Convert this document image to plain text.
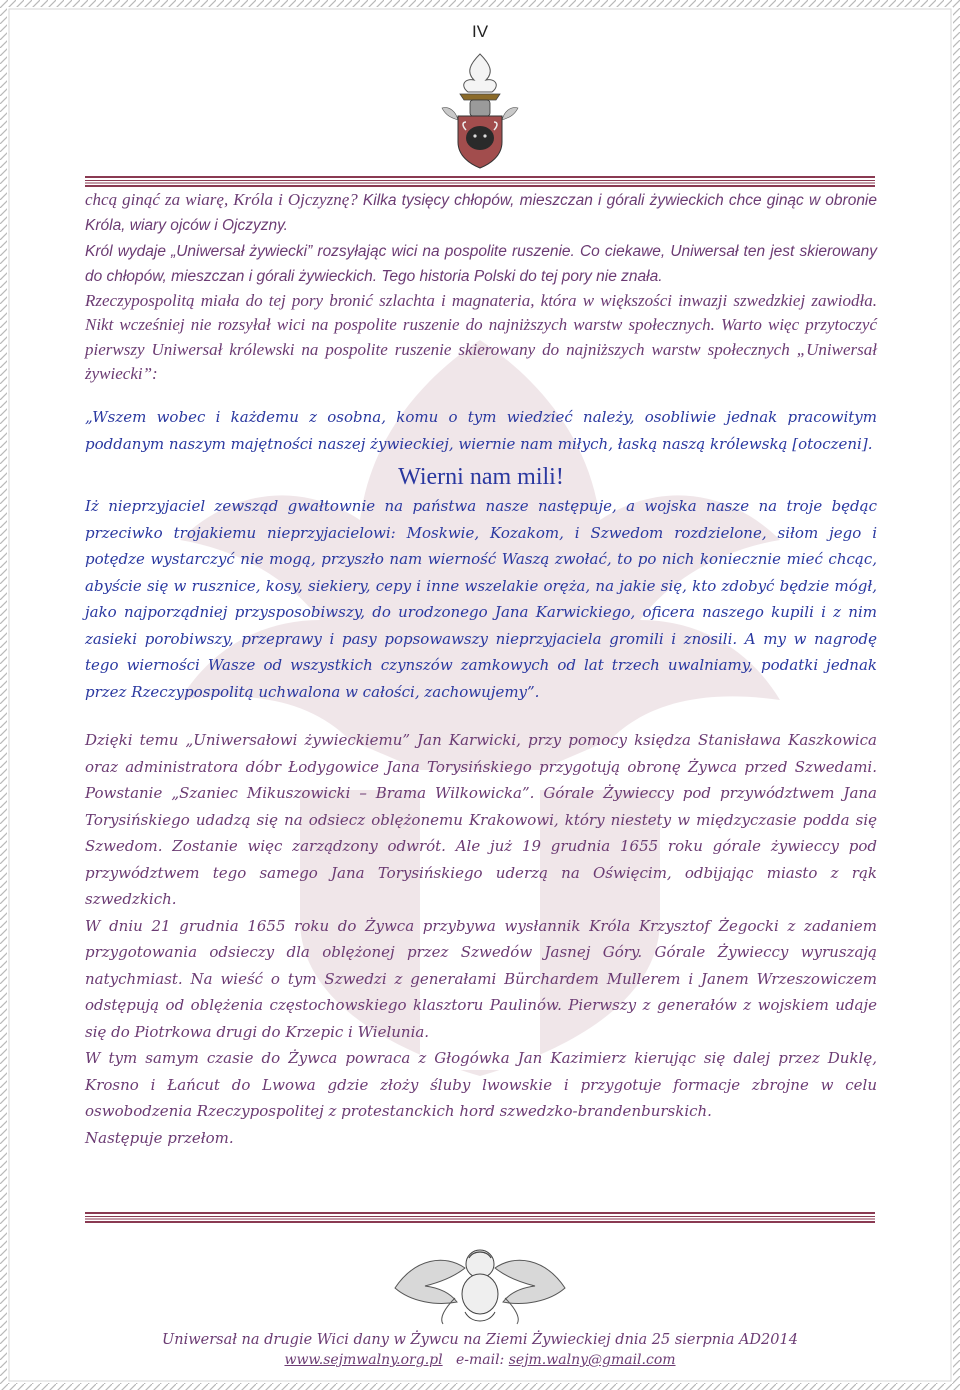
IV

chcą ginąć za wiarę, Króla i Ojczyznę? Kilka tysięcy chłopów, mieszczan i górali żywieckich chce ginąc w obronie Króla, wiary ojców i Ojczyzny.

Król wydaje „Uniwersał żywiecki” rozsyłając wici na pospolite ruszenie. Co ciekawe, Uniwersał ten jest skierowany do chłopów, mieszczan i górali żywieckich. Tego historia Polski do tej pory nie znała.

Rzeczypospolitą miała do tej pory bronić szlachta i magnateria, która w większości inwazji szwedzkiej zawiodła. Nikt wcześniej nie rozsyłał wici na pospolite ruszenie do najniższych warstw społecznych. Warto więc przytoczyć pierwszy Uniwersał królewski na pospolite ruszenie skierowany do najniższych warstw społecznych „Uniwersał żywiecki”:

„Wszem wobec i każdemu z osobna, komu o tym wiedzieć należy, osoblіwie jednak pracowitym poddanym naszym majętności naszej żywieckiej, wiernie nam miłych, łaską naszą królewską [otoczeni].

Wierni nam mili!

Iż nieprzyjaciel zewsząd gwałtownie na państwa nasze następuje, a wojska nasze na troje będąc przeciwko trojakiemu nieprzyjacielowi: Moskwie, Kozakom, i Szwedom rozdzielone, siłom jego i potędze wystarczyć nie mogą, przyszło nam wierność Waszą zwołać, to po nich koniecznie mieć chcąc, abyście się w rusznice, kosy, siekiery, cepy i inne wszelakie oręża, na jakie się, kto zdobyć będzie mógł, jako najporządniej przysposobiwszy, do urodzonego Jana Karwickiego, oficera naszego kupili i z nim zasieki porobiwszy, przeprawy i pasy popsowawszy nieprzyjaciela gromili i znosili. A my w nagrodę tego wierności Wasze od wszystkich czynszów zamkowych od lat trzech uwalniamy, podatki jednak przez Rzeczypospolitą uchwalona w całości, zachowujemy”.

Dzięki temu „Uniwersałowi żywieckiemu” Jan Karwicki, przy pomocy księdza Stanisława Kaszkowica oraz administratora dóbr Łodygowice Jana Torysińskiego przygotują obronę Żywca przed Szwedami. Powstanie „Szaniec Mikuszowicki – Brama Wilkowicka”. Górale Żywieccy pod przywództwem Jana Torysińskiego udadzą się na odsiecz oblężonemu Krakowowi, który niestety w międzyczasie podda się Szwedom. Zostanie więc zarządzony odwrót. Ale już 19 grudnia 1655 roku górale żywieccy pod przywództwem tego samego Jana Torysińskiego uderzą na Oświęcim, odbijając miasto z rąk szwedzkich.

W dniu 21 grudnia 1655 roku do Żywca przybywa wysłannik Króla Krzysztof Żegocki z zadaniem przygotowania odsieczy dla oblężonej przez Szwedów Jasnej Góry. Górale Żywieccy wyruszają natychmiast. Na wieść o tym Szwedzi z generałami Bürchardem Mullerem i Janem Wrzeszowiczem odstępują od oblężenia częstochowskiego klasztoru Paulinów. Pierwszy z generałów z wojskiem udaje się do Piotrkowa drugi do Krzepic i Wielunia.

W tym samym czasie do Żywca powraca z Głogówka Jan Kazimierz kierując się dalej przez Duklę, Krosno i Łańcut do Lwowa gdzie złoży śluby lwowskie i przygotuje formacje zbrojne w celu oswobodzenia Rzeczypospolitej z protestanckich hord szwedzko-brandenburskich.

Następuje przełom.

Uniwersał na drugie Wici dany w Żywcu na Ziemi Żywieckiej dnia 25 sierpnia AD2014
www.sejmwalny.org.pl e-mail: sejm.walny@gmail.com
